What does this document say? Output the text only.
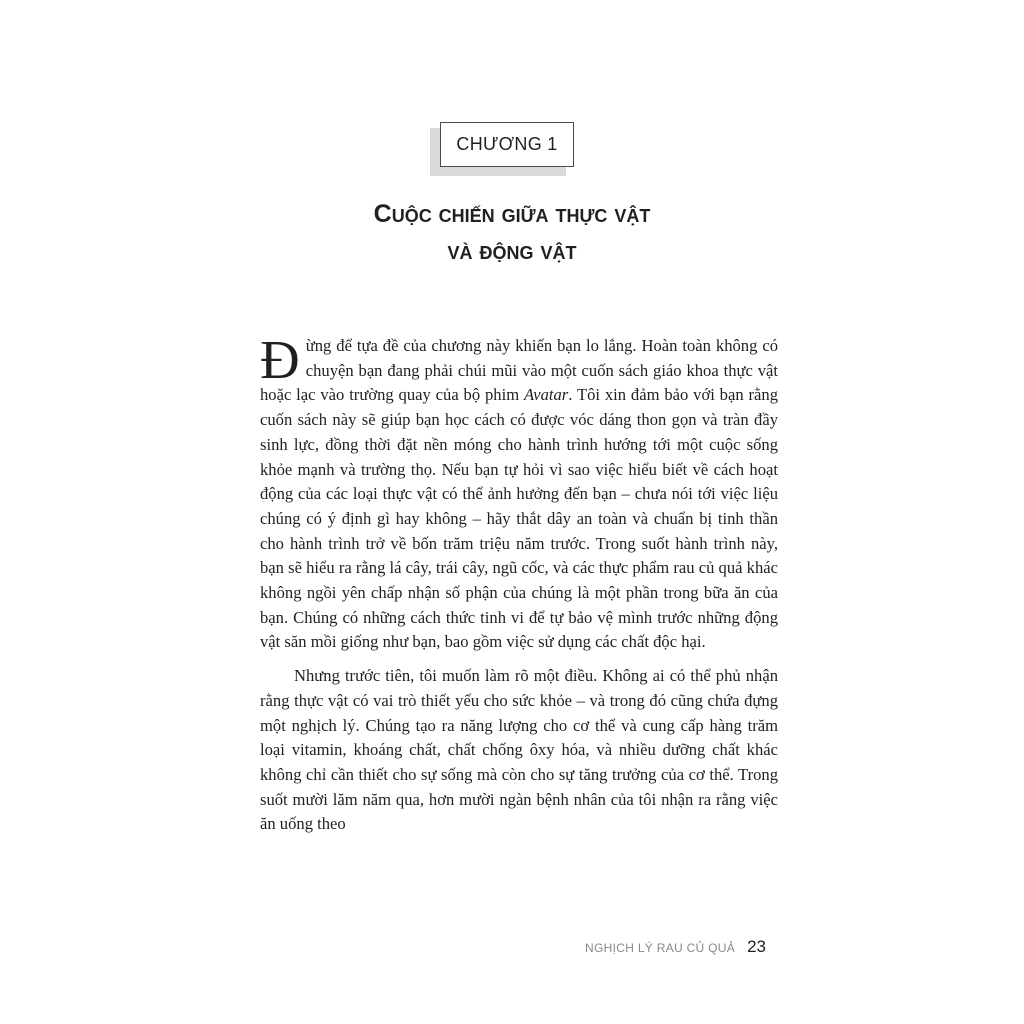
CHƯƠNG 1
Cuộc chiến giữa thực vật
và động vật

Đừng để tựa đề của chương này khiến bạn lo lắng. Hoàn toàn không có chuyện bạn đang phải chúi mũi vào một cuốn sách giáo khoa thực vật hoặc lạc vào trường quay của bộ phim Avatar. Tôi xin đảm bảo với bạn rằng cuốn sách này sẽ giúp bạn học cách có được vóc dáng thon gọn và tràn đầy sinh lực, đồng thời đặt nền móng cho hành trình hướng tới một cuộc sống khỏe mạnh và trường thọ. Nếu bạn tự hỏi vì sao việc hiểu biết về cách hoạt động của các loại thực vật có thể ảnh hưởng đến bạn – chưa nói tới việc liệu chúng có ý định gì hay không – hãy thắt dây an toàn và chuẩn bị tinh thần cho hành trình trở về bốn trăm triệu năm trước. Trong suốt hành trình này, bạn sẽ hiểu ra rằng lá cây, trái cây, ngũ cốc, và các thực phẩm rau củ quả khác không ngồi yên chấp nhận số phận của chúng là một phần trong bữa ăn của bạn. Chúng có những cách thức tinh vi để tự bảo vệ mình trước những động vật săn mồi giống như bạn, bao gồm việc sử dụng các chất độc hại.

Nhưng trước tiên, tôi muốn làm rõ một điều. Không ai có thể phủ nhận rằng thực vật có vai trò thiết yếu cho sức khỏe – và trong đó cũng chứa đựng một nghịch lý. Chúng tạo ra năng lượng cho cơ thể và cung cấp hàng trăm loại vitamin, khoáng chất, chất chống ôxy hóa, và nhiều dưỡng chất khác không chỉ cần thiết cho sự sống mà còn cho sự tăng trưởng của cơ thể. Trong suốt mười lăm năm qua, hơn mười ngàn bệnh nhân của tôi nhận ra rằng việc ăn uống theo

NGHỊCH LÝ RAU CỦ QUẢ 23
